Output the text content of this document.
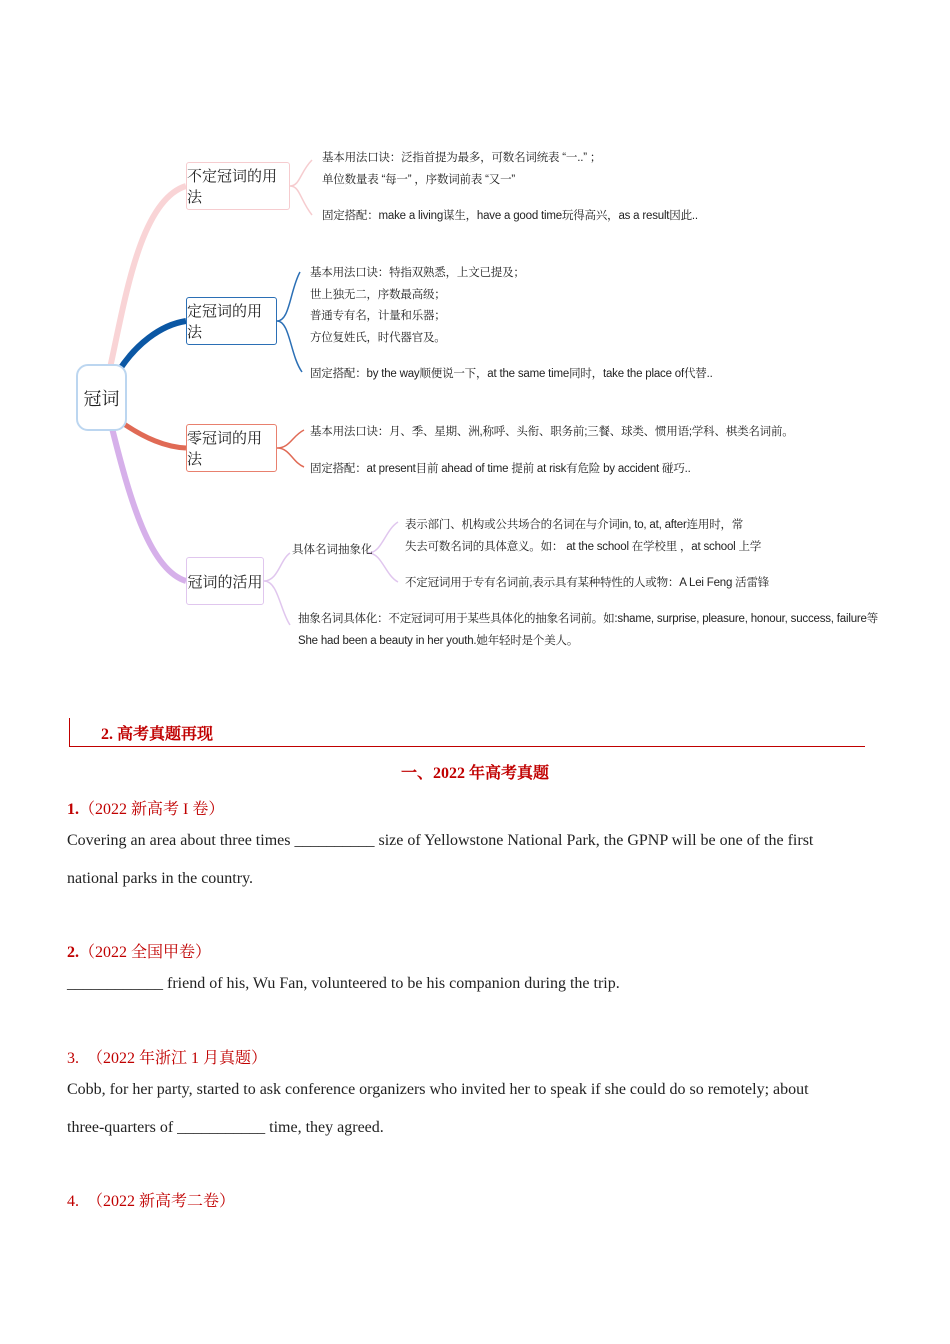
冠词
不定冠词的用法
定冠词的用法
零冠词的用法
冠词的活用
具体名词抽象化
基本用法口诀：泛指首提为最多，可数名词统表 “一..” ；
单位数量表 “每一” ，序数词前表 “又一”
固定搭配：make a living谋生，have a good time玩得高兴，as a result因此..
基本用法口诀：特指双熟悉，上文已提及；
世上独无二，序数最高级；
普通专有名，计量和乐器；
方位复姓氏，时代器官及。
固定搭配：by the way顺便说一下，at the same time同时，take the place of代替..
基本用法口诀：月、季、星期、洲,称呼、头衔、职务前;三餐、球类、惯用语;学科、棋类名词前。
固定搭配：at present目前 ahead of time 提前 at risk有危险 by accident 碰巧..
表示部门、机构或公共场合的名词在与介词in, to, at, after连用时，常
失去可数名词的具体意义。如： at the school 在学校里 ，at school 上学
不定冠词用于专有名词前,表示具有某种特性的人或物：A Lei Feng 活雷锋
抽象名词具体化：不定冠词可用于某些具体化的抽象名词前。如:shame, surprise, pleasure, honour, success, failure等
She had been a beauty in her youth.她年轻时是个美人。
2. 高考真题再现
一、2022 年高考真题
1.（2022 新高考 I 卷）
Covering an area about three times __________ size of Yellowstone National Park, the GPNP will be one of the first
national parks in the country.
2.（2022 全国甲卷）
____________ friend of his, Wu Fan, volunteered to be his companion during the trip.
3. （2022 年浙江 1 月真题）
Cobb, for her party, started to ask conference organizers who invited her to speak if she could do so remotely; about
three-quarters of ___________ time, they agreed.
4. （2022 新高考二卷）
